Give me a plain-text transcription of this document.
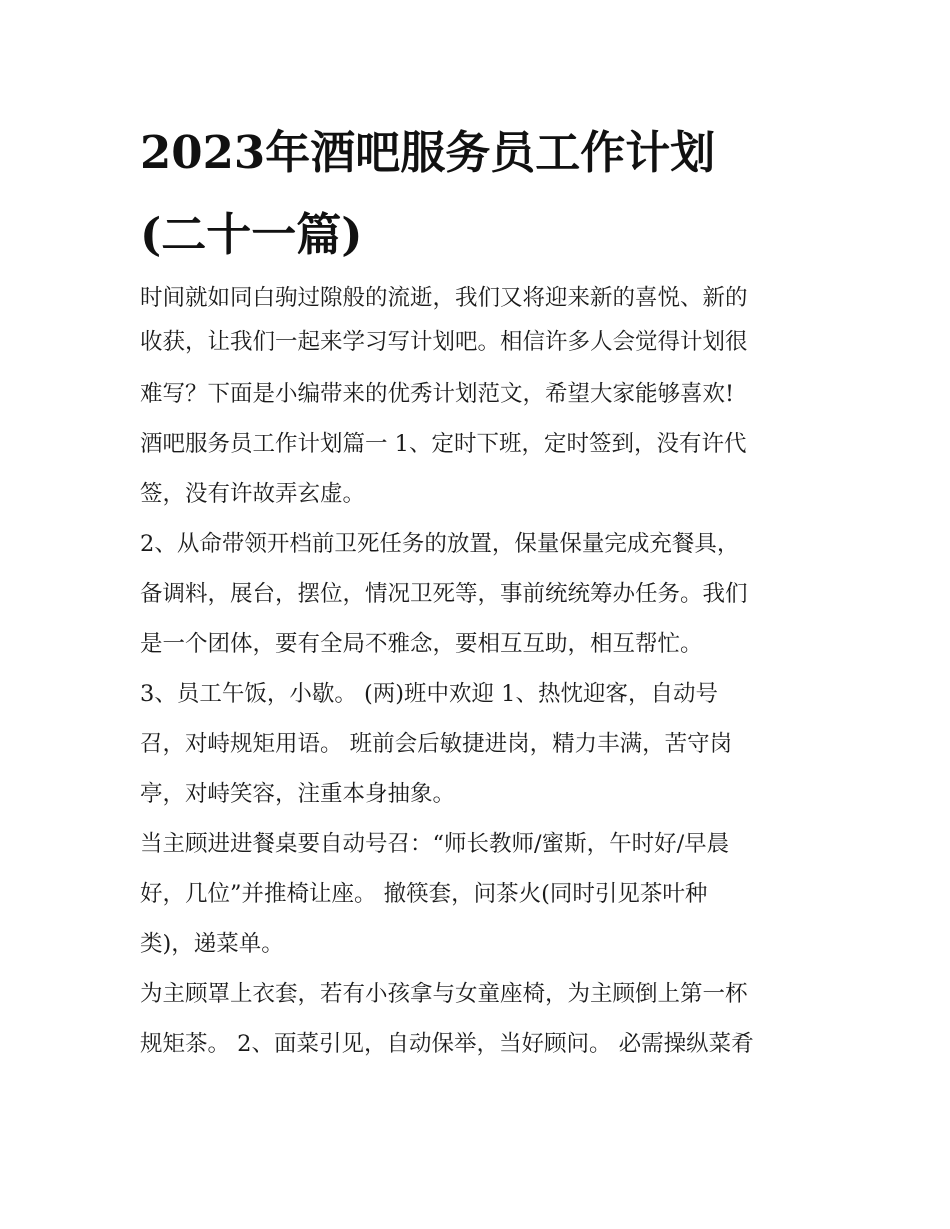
2023年酒吧服务员工作计划
(二十一篇)
时间就如同白驹过隙般的流逝，我们又将迎来新的喜悦、新的
收获，让我们一起来学习写计划吧。相信许多人会觉得计划很
难写？下面是小编带来的优秀计划范文，希望大家能够喜欢!
酒吧服务员工作计划篇一 1、定时下班，定时签到，没有许代
签，没有许故弄玄虚。
2、从命带领开档前卫死任务的放置，保量保量完成充餐具，
备调料，展台，摆位，情况卫死等，事前统统筹办任务。我们
是一个团体，要有全局不雅念，要相互互助，相互帮忙。
3、员工午饭，小歇。 (两)班中欢迎 1、热忱迎客，自动号
召，对峙规矩用语。 班前会后敏捷进岗，精力丰满，苦守岗
亭，对峙笑容，注重本身抽象。
当主顾进进餐桌要自动号召：“师长教师/蜜斯，午时好/早晨
好，几位”并推椅让座。 撤筷套，问茶火(同时引见茶叶种
类)，递菜单。
为主顾罩上衣套，若有小孩拿与女童座椅，为主顾倒上第一杯
规矩茶。 2、面菜引见，自动保举，当好顾问。 必需操纵菜肴
